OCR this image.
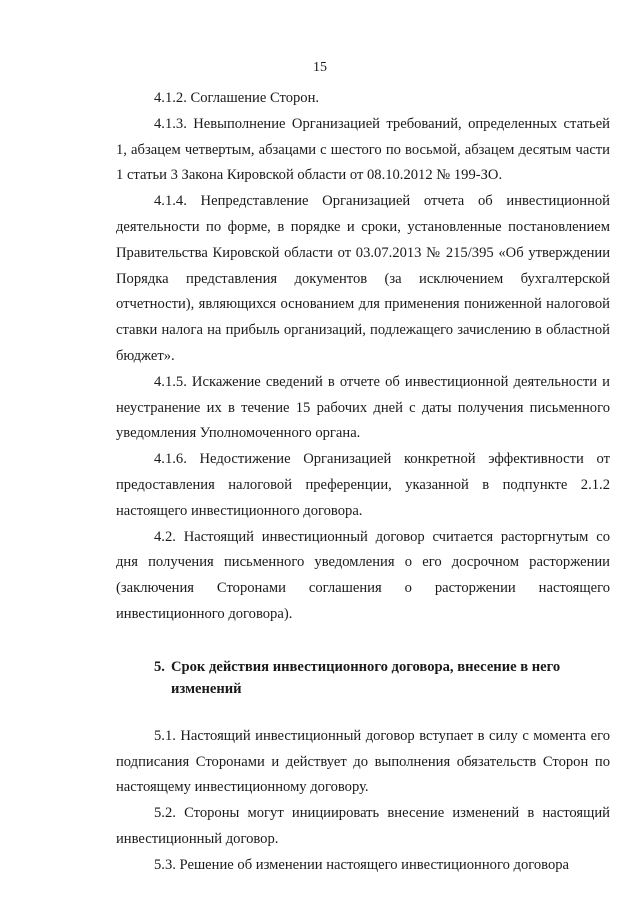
15

4.1.2. Соглашение Сторон.

4.1.3. Невыполнение Организацией требований, определенных статьей 1, абзацем четвертым, абзацами с шестого по восьмой, абзацем десятым части 1 статьи 3 Закона Кировской области от 08.10.2012 № 199-ЗО.

4.1.4. Непредставление Организацией отчета об инвестиционной деятельности по форме, в порядке и сроки, установленные постановлением Правительства Кировской области от 03.07.2013 № 215/395 «Об утверждении Порядка представления документов (за исключением бухгалтерской отчетности), являющихся основанием для применения пониженной налоговой ставки налога на прибыль организаций, подлежащего зачислению в областной бюджет».

4.1.5. Искажение сведений в отчете об инвестиционной деятельности и неустранение их в течение 15 рабочих дней с даты получения письменного уведомления Уполномоченного органа.

4.1.6. Недостижение Организацией конкретной эффективности от предоставления налоговой преференции, указанной в подпункте 2.1.2 настоящего инвестиционного договора.

4.2. Настоящий инвестиционный договор считается расторгнутым со дня получения письменного уведомления о его досрочном расторжении (заключения Сторонами соглашения о расторжении настоящего инвестиционного договора).

5. Срок действия инвестиционного договора, внесение в него изменений

5.1. Настоящий инвестиционный договор вступает в силу с момента его подписания Сторонами и действует до выполнения обязательств Сторон по настоящему инвестиционному договору.

5.2. Стороны могут инициировать внесение изменений в настоящий инвестиционный договор.

5.3. Решение об изменении настоящего инвестиционного договора
